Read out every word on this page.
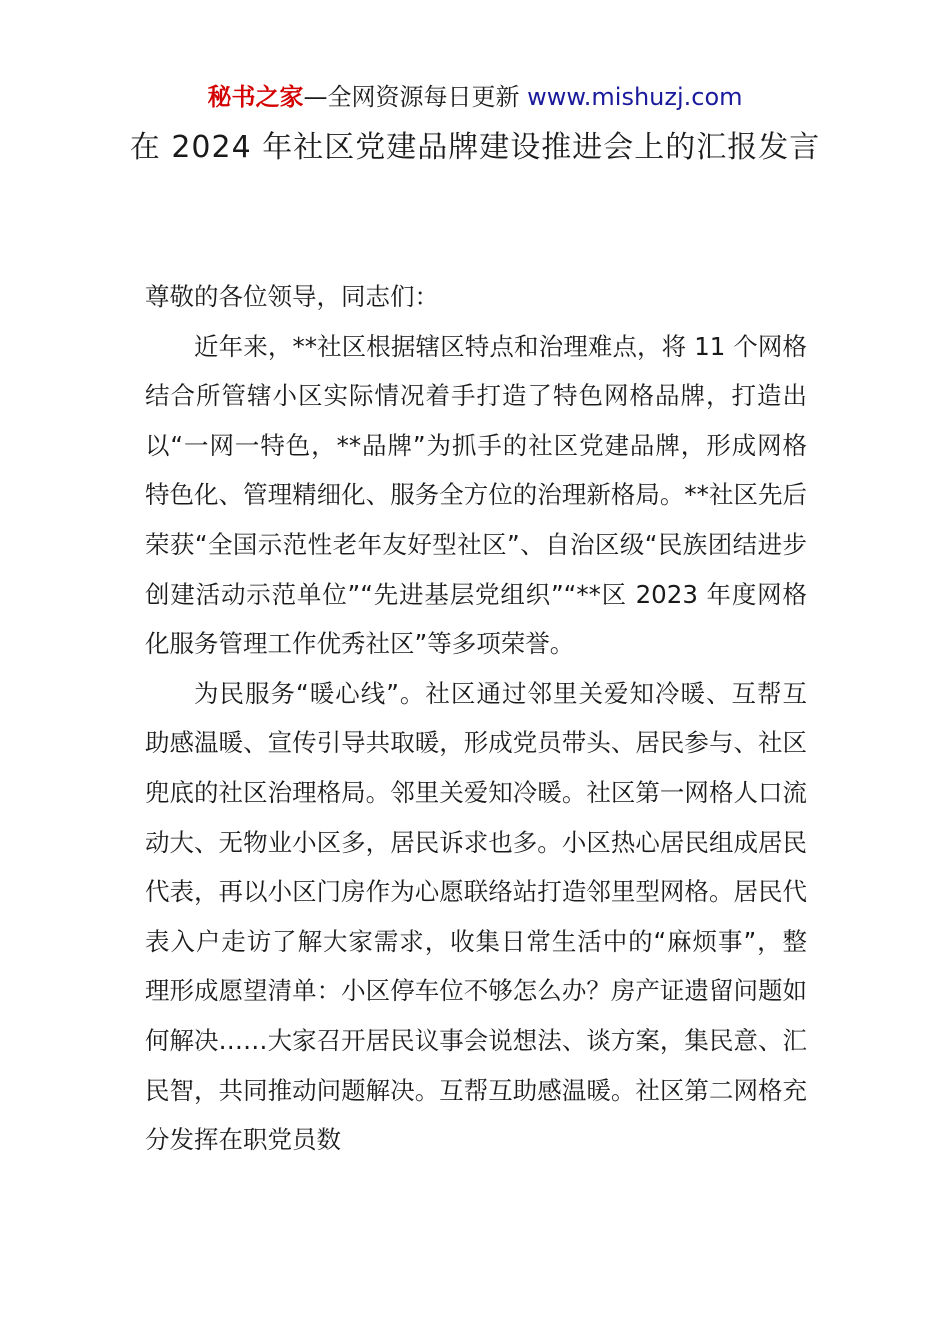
秘书之家—全网资源每日更新 www.mishuzj.com
在 2024 年社区党建品牌建设推进会上的汇报发言

尊敬的各位领导，同志们：

近年来，**社区根据辖区特点和治理难点，将 11 个网格结合所管辖小区实际情况着手打造了特色网格品牌，打造出以“一网一特色，**品牌”为抓手的社区党建品牌，形成网格特色化、管理精细化、服务全方位的治理新格局。**社区先后荣获“全国示范性老年友好型社区”、自治区级“民族团结进步创建活动示范单位”“先进基层党组织”“**区 2023 年度网格化服务管理工作优秀社区”等多项荣誉。

为民服务“暖心线”。社区通过邻里关爱知冷暖、互帮互助感温暖、宣传引导共取暖，形成党员带头、居民参与、社区兜底的社区治理格局。邻里关爱知冷暖。社区第一网格人口流动大、无物业小区多，居民诉求也多。小区热心居民组成居民代表，再以小区门房作为心愿联络站打造邻里型网格。居民代表入户走访了解大家需求，收集日常生活中的“麻烦事”，整理形成愿望清单：小区停车位不够怎么办？房产证遗留问题如何解决……大家召开居民议事会说想法、谈方案，集民意、汇民智，共同推动问题解决。互帮互助感温暖。社区第二网格充分发挥在职党员数
